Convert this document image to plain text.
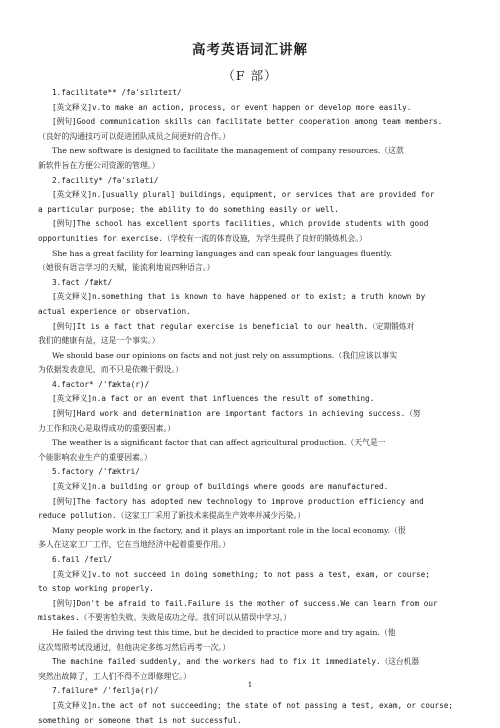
高考英语词汇讲解
（F 部）
1.facilitate** /fə'sɪlɪteɪt/
[英文释义]v.to make an action, process, or event happen or develop more easily.
[例句]Good communication skills can facilitate better cooperation among team members.
（良好的沟通技巧可以促进团队成员之间更好的合作。）
The new software is designed to facilitate the management of company resources.（这款
新软件旨在方便公司资源的管理。）
2.facility* /fə'sɪləti/
[英文释义]n.[usually plural] buildings, equipment, or services that are provided for
a particular purpose; the ability to do something easily or well.
[例句]The school has excellent sports facilities, which provide students with good
opportunities for exercise.（学校有一流的体育设施，为学生提供了良好的锻炼机会。）
She has a great facility for learning languages and can speak four languages fluently.
（她很有语言学习的天赋，能流利地说四种语言。）
3.fact /fækt/
[英文释义]n.something that is known to have happened or to exist; a truth known by
actual experience or observation.
[例句]It is a fact that regular exercise is beneficial to our health.（定期锻炼对
我们的健康有益，这是一个事实。）
We should base our opinions on facts and not just rely on assumptions.（我们应该以事实
为依据发表意见，而不只是依赖于假设。）
4.factor* /'fæktə(r)/
[英文释义]n.a fact or an event that influences the result of something.
[例句]Hard work and determination are important factors in achieving success.（努
力工作和决心是取得成功的重要因素。）
The weather is a significant factor that can affect agricultural production.（天气是一
个能影响农业生产的重要因素。）
5.factory /'fæktri/
[英文释义]n.a building or group of buildings where goods are manufactured.
[例句]The factory has adopted new technology to improve production efficiency and
reduce pollution.（这家工厂采用了新技术来提高生产效率并减少污染。）
Many people work in the factory, and it plays an important role in the local economy.（很
多人在这家工厂工作，它在当地经济中起着重要作用。）
6.fail /feɪl/
[英文释义]v.to not succeed in doing something; to not pass a test, exam, or course;
to stop working properly.
[例句]Don't be afraid to fail.Failure is the mother of success.We can learn from our
mistakes.（不要害怕失败。失败是成功之母。我们可以从错误中学习。）
He failed the driving test this time, but he decided to practice more and try again.（他
这次驾照考试没通过，但他决定多练习然后再考一次。）
The machine failed suddenly, and the workers had to fix it immediately.（这台机器
突然出故障了，工人们不得不立即修理它。）
7.failure* /'feɪljə(r)/
[英文释义]n.the act of not succeeding; the state of not passing a test, exam, or course;
something or someone that is not successful.
1
